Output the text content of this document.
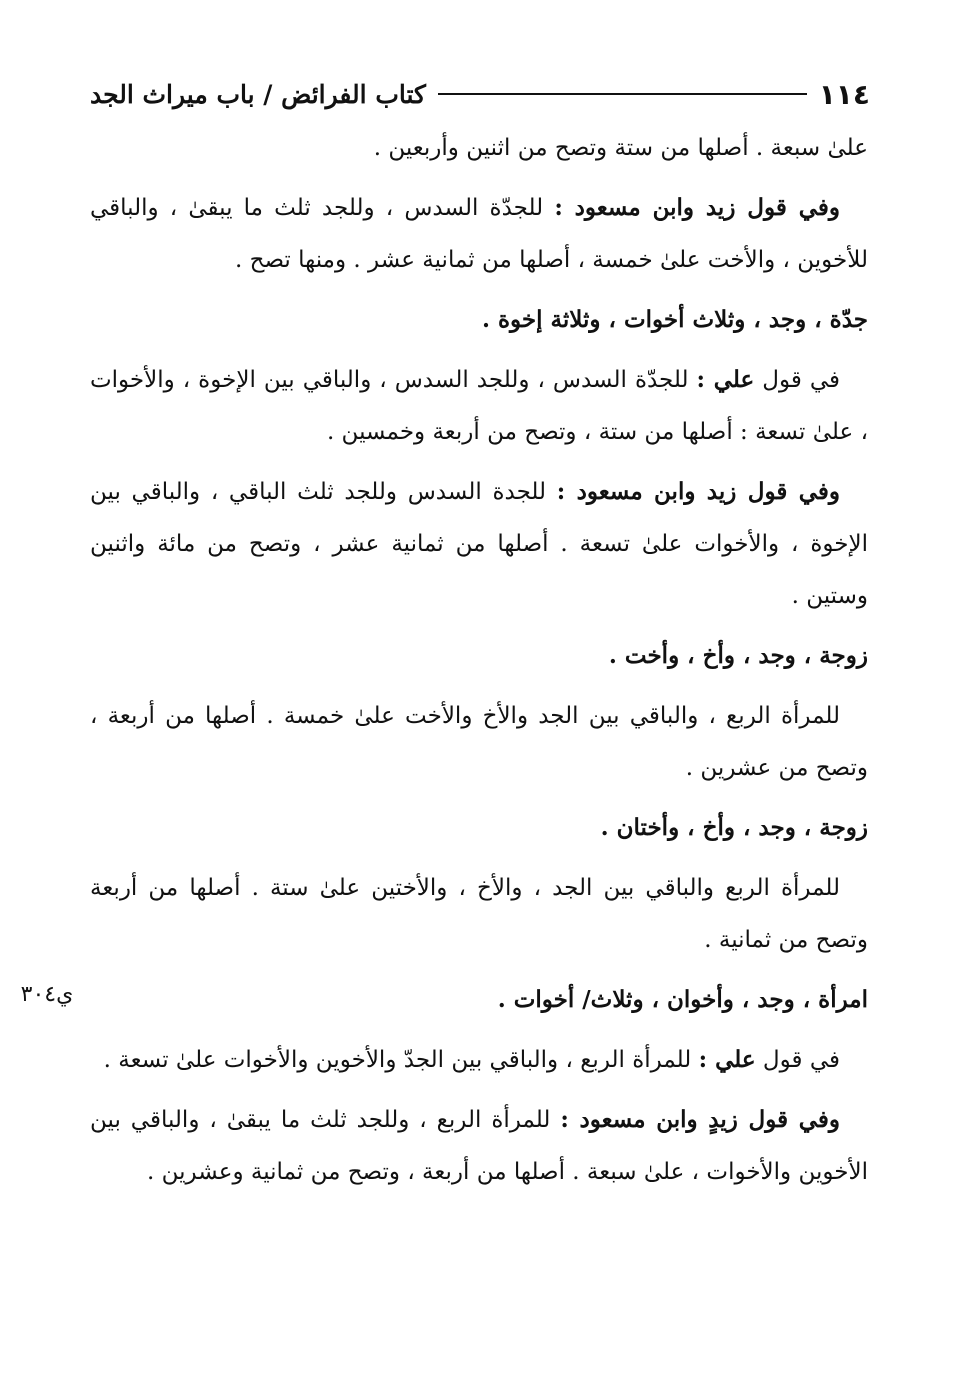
١١٤
كتاب الفرائض / باب ميراث الجد

علىٰ سبعة . أصلها من ستة وتصح من اثنين وأربعين .

وفي قول زيد وابن مسعود : للجدّة السدس ، وللجد ثلث ما يبقىٰ ، والباقي للأخوين ، والأخت علىٰ خمسة ، أصلها من ثمانية عشر . ومنها تصح .

جدّة ، وجد ، وثلاث أخوات ، وثلاثة إخوة .

في قول علي : للجدّة السدس ، وللجد السدس ، والباقي بين الإخوة ، والأخوات ، علىٰ تسعة : أصلها من ستة ، وتصح من أربعة وخمسين .

وفي قول زيد وابن مسعود : للجدة السدس وللجد ثلث الباقي ، والباقي بين الإخوة ، والأخوات علىٰ تسعة . أصلها من ثمانية عشر ، وتصح من مائة واثنين وستين .

زوجة ، وجد ، وأخ ، وأخت .

للمرأة الربع ، والباقي بين الجد والأخ والأخت علىٰ خمسة . أصلها من أربعة ، وتصح من عشرين .

زوجة ، وجد ، وأخ ، وأختان .

للمرأة الربع والباقي بين الجد ، والأخ ، والأختين علىٰ ستة . أصلها من أربعة وتصح من ثمانية .

امرأة ، وجد ، وأخوان ، وثلاث/ أخوات .

في قول علي : للمرأة الربع ، والباقي بين الجدّ والأخوين والأخوات علىٰ تسعة .

وفي قول زيدٍ وابن مسعود : للمرأة الربع ، وللجد ثلث ما يبقىٰ ، والباقي بين الأخوين والأخوات ، علىٰ سبعة . أصلها من أربعة ، وتصح من ثمانية وعشرين .

ي٣٠٤
